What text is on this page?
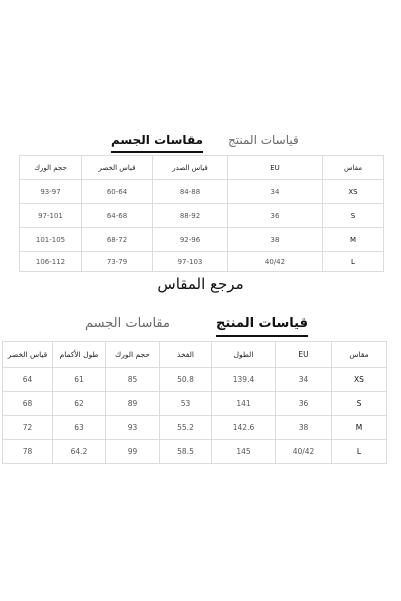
قياسات المنتج
مقاسات الجسم
مقاس	EU	قياس الصدر	قياس الخصر	حجم الورك
XS	34	84-88	60-64	93-97
S	36	88-92	64-68	97-101
M	38	92-96	68-72	101-105
L	40/42	97-103	73-79	106-112
مرجع المقاس
قياسات المنتج
مقاسات الجسم
مقاس	EU	الطول	الفخذ	حجم الورك	طول الأكمام	قياس الخصر
XS	34	139.4	50.8	85	61	64
S	36	141	53	89	62	68
M	38	142.6	55.2	93	63	72
L	40/42	145	58.5	99	64.2	78
